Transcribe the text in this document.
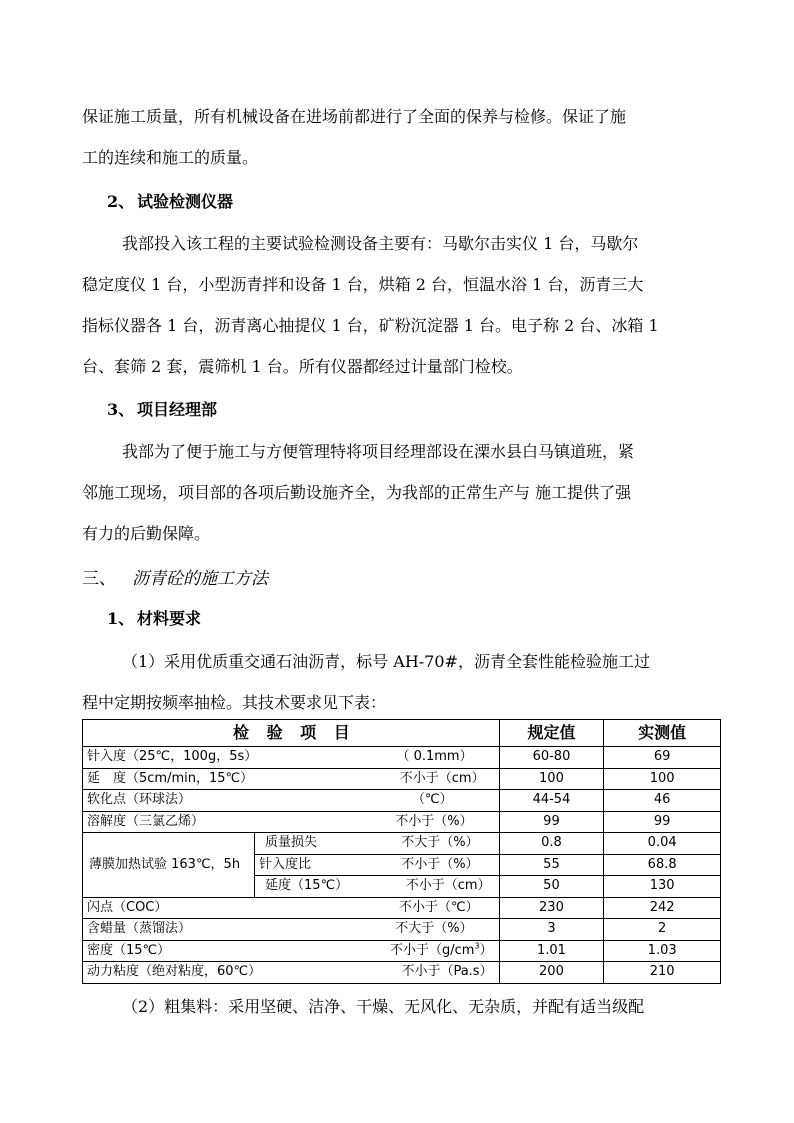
保证施工质量，所有机械设备在进场前都进行了全面的保养与检修。保证了施
工的连续和施工的质量。
2、 试验检测仪器
我部投入该工程的主要试验检测设备主要有：马歇尔击实仪 1 台，马歇尔
稳定度仪 1 台，小型沥青拌和设备 1 台，烘箱 2 台，恒温水浴 1 台，沥青三大
指标仪器各 1 台，沥青离心抽提仪 1 台，矿粉沉淀器 1 台。电子称 2 台、冰箱 1
台、套筛 2 套，震筛机 1 台。所有仪器都经过计量部门检校。
3、 项目经理部
我部为了便于施工与方便管理特将项目经理部设在溧水县白马镇道班，紧
邻施工现场，项目部的各项后勤设施齐全，为我部的正常生产与 施工提供了强
有力的后勤保障。
三、 沥青砼的施工方法
1、 材料要求
（1）采用优质重交通石油沥青，标号 AH-70#，沥青全套性能检验施工过
程中定期按频率抽检。其技术要求见下表：
检 验 项 目		规定值	实测值

针入度（25℃，100g，5s） （ 0.1mm）		60-80	69

延　度（5cm/min，15℃） 不小于（cm）		100	100

软化点（环球法） （℃）		44-54	46

溶解度（三氯乙烯） 不小于（%）		99	99
薄膜加热试验 163℃，5h	质量损失 不大于（%）	0.8	0.04

	针入度比 不小于（%）	55	68.8

	延度（15℃） 不小于（cm）	50	130

闪点（COC） 不小于（℃）		230	242

含蜡量（蒸馏法） 不大于（%）		3	2

密度（15℃） 不小于$(g/cm^3)$		1.01	1.03

动力粘度（绝对粘度，60℃） 不小于（Pa.s）		200	210
（2）粗集料：采用坚硬、洁净、干燥、无风化、无杂质，并配有适当级配
